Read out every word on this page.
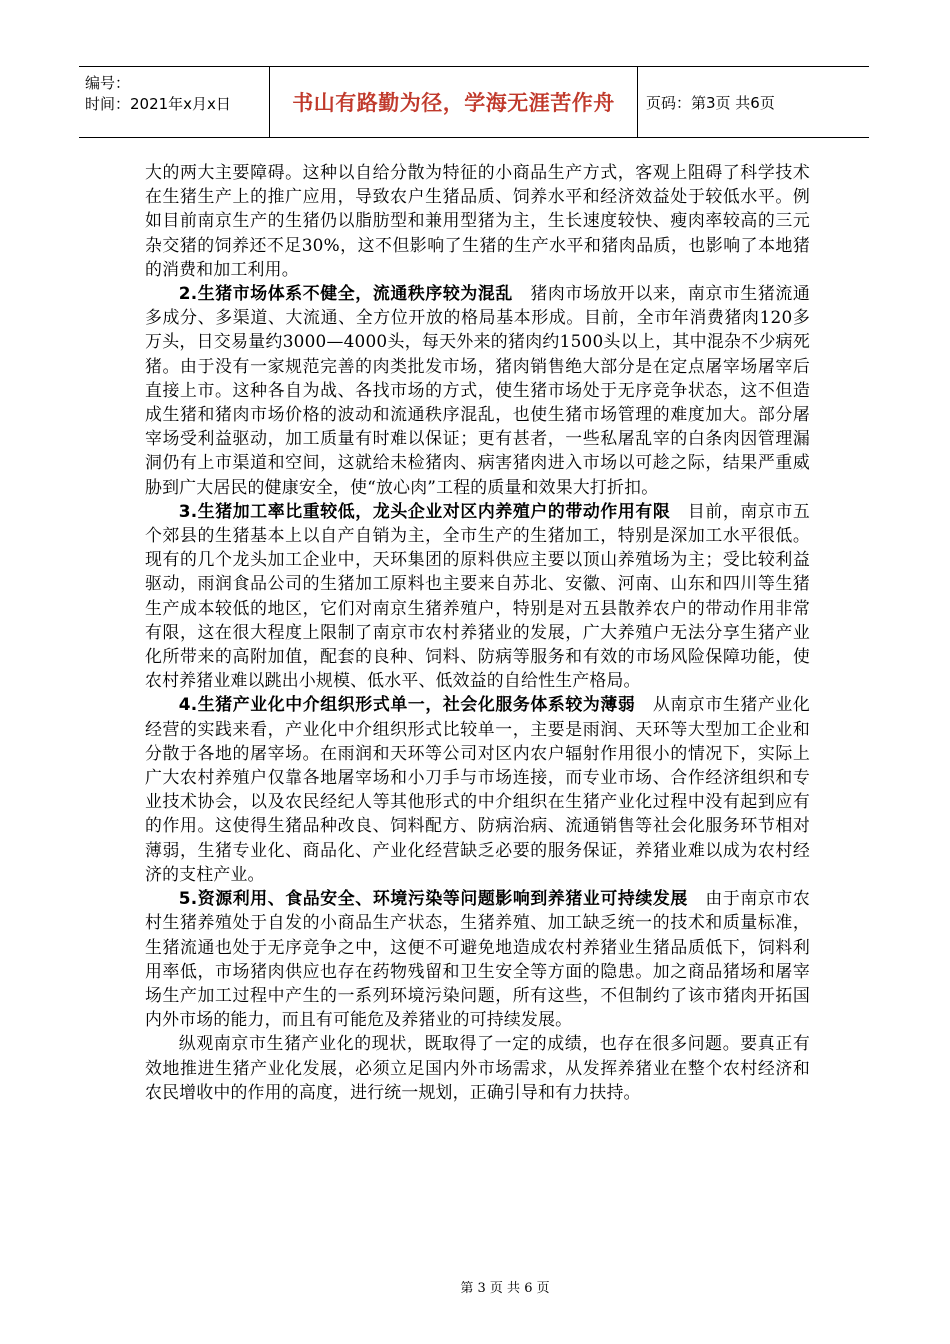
编号：
时间：2021年x月x日	书山有路勤为径，学海无涯苦作舟	页码：第3页 共6页

大的两大主要障碍。这种以自给分散为特征的小商品生产方式，客观上阻碍了科学技术在生猪生产上的推广应用，导致农户生猪品质、饲养水平和经济效益处于较低水平。例如目前南京生产的生猪仍以脂肪型和兼用型猪为主，生长速度较快、瘦肉率较高的三元杂交猪的饲养还不足30%，这不但影响了生猪的生产水平和猪肉品质，也影响了本地猪的消费和加工利用。

2.生猪市场体系不健全，流通秩序较为混乱　猪肉市场放开以来，南京市生猪流通多成分、多渠道、大流通、全方位开放的格局基本形成。目前，全市年消费猪肉120多万头，日交易量约3000—4000头，每天外来的猪肉约1500头以上，其中混杂不少病死猪。由于没有一家规范完善的肉类批发市场，猪肉销售绝大部分是在定点屠宰场屠宰后直接上市。这种各自为战、各找市场的方式，使生猪市场处于无序竞争状态，这不但造成生猪和猪肉市场价格的波动和流通秩序混乱，也使生猪市场管理的难度加大。部分屠宰场受利益驱动，加工质量有时难以保证；更有甚者，一些私屠乱宰的白条肉因管理漏洞仍有上市渠道和空间，这就给未检猪肉、病害猪肉进入市场以可趁之际，结果严重威胁到广大居民的健康安全，使“放心肉”工程的质量和效果大打折扣。

3.生猪加工率比重较低，龙头企业对区内养殖户的带动作用有限　目前，南京市五个郊县的生猪基本上以自产自销为主，全市生产的生猪加工，特别是深加工水平很低。现有的几个龙头加工企业中，天环集团的原料供应主要以顶山养殖场为主；受比较利益驱动，雨润食品公司的生猪加工原料也主要来自苏北、安徽、河南、山东和四川等生猪生产成本较低的地区，它们对南京生猪养殖户，特别是对五县散养农户的带动作用非常有限，这在很大程度上限制了南京市农村养猪业的发展，广大养殖户无法分享生猪产业化所带来的高附加值，配套的良种、饲料、防病等服务和有效的市场风险保障功能，使农村养猪业难以跳出小规模、低水平、低效益的自给性生产格局。

4.生猪产业化中介组织形式单一，社会化服务体系较为薄弱　从南京市生猪产业化经营的实践来看，产业化中介组织形式比较单一，主要是雨润、天环等大型加工企业和分散于各地的屠宰场。在雨润和天环等公司对区内农户辐射作用很小的情况下，实际上广大农村养殖户仅靠各地屠宰场和小刀手与市场连接，而专业市场、合作经济组织和专业技术协会，以及农民经纪人等其他形式的中介组织在生猪产业化过程中没有起到应有的作用。这使得生猪品种改良、饲料配方、防病治病、流通销售等社会化服务环节相对薄弱，生猪专业化、商品化、产业化经营缺乏必要的服务保证，养猪业难以成为农村经济的支柱产业。

5.资源利用、食品安全、环境污染等问题影响到养猪业可持续发展　由于南京市农村生猪养殖处于自发的小商品生产状态，生猪养殖、加工缺乏统一的技术和质量标准，生猪流通也处于无序竞争之中，这便不可避免地造成农村养猪业生猪品质低下，饲料利用率低，市场猪肉供应也存在药物残留和卫生安全等方面的隐患。加之商品猪场和屠宰场生产加工过程中产生的一系列环境污染问题，所有这些，不但制约了该市猪肉开拓国内外市场的能力，而且有可能危及养猪业的可持续发展。

纵观南京市生猪产业化的现状，既取得了一定的成绩，也存在很多问题。要真正有效地推进生猪产业化发展，必须立足国内外市场需求，从发挥养猪业在整个农村经济和农民增收中的作用的高度，进行统一规划，正确引导和有力扶持。

第 3 页 共 6 页
